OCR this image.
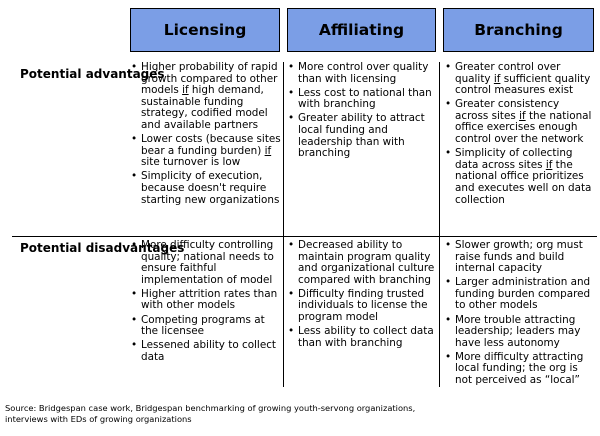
Licensing	Affiliating	Branching
Potential advantages
Potential disadvantages
• Higher probability of rapid growth compared to other models if high demand, sustainable funding strategy, codified model and available partners
• Lower costs (because sites bear a funding burden) if site turnover is low
• Simplicity of execution, because doesn't require starting new organizations
• More control over quality than with licensing
• Less cost to national than with branching
• Greater ability to attract local funding and leadership than with branching
• Greater control over quality if sufficient quality control measures exist
• Greater consistency across sites if the national office exercises enough control over the network
• Simplicity of collecting data across sites if the national office prioritizes and executes well on data collection
• More difficulty controlling quality; national needs to ensure faithful implementation of model
• Higher attrition rates than with other models
• Competing programs at the licensee
• Lessened ability to collect data
• Decreased ability to maintain program quality and organizational culture compared with branching
• Difficulty finding trusted individuals to license the program model
• Less ability to collect data than with branching
• Slower growth; org must raise funds and build internal capacity
• Larger administration and funding burden compared to other models
• More trouble attracting leadership; leaders may have less autonomy
• More difficulty attracting local funding; the org is not perceived as “local”
Source: Bridgespan case work, Bridgespan benchmarking of growing youth-servong organizations, interviews with EDs of growing organizations
